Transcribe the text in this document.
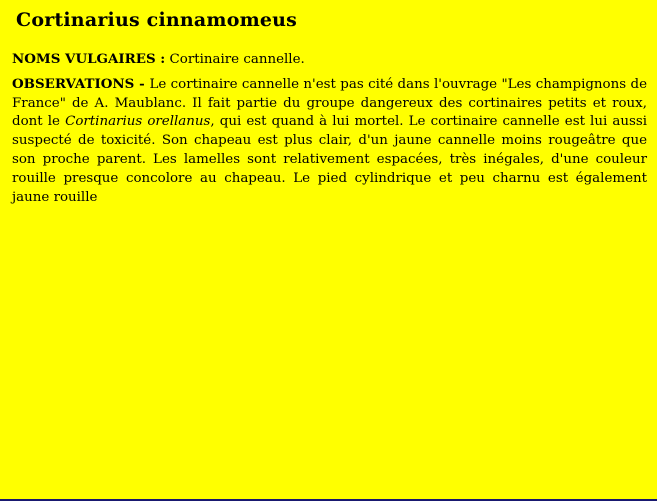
Cortinarius cinnamomeus

NOMS VULGAIRES : Cortinaire cannelle.

OBSERVATIONS - Le cortinaire cannelle n'est pas cité dans l'ouvrage "Les champignons de France" de A. Maublanc. Il fait partie du groupe dangereux des cortinaires petits et roux, dont le Cortinarius orellanus, qui est quand à lui mortel. Le cortinaire cannelle est lui aussi suspecté de toxicité. Son chapeau est plus clair, d'un jaune cannelle moins rougeâtre que son proche parent. Les lamelles sont relativement espacées, très inégales, d'une couleur rouille presque concolore au chapeau. Le pied cylindrique et peu charnu est également jaune rouille
